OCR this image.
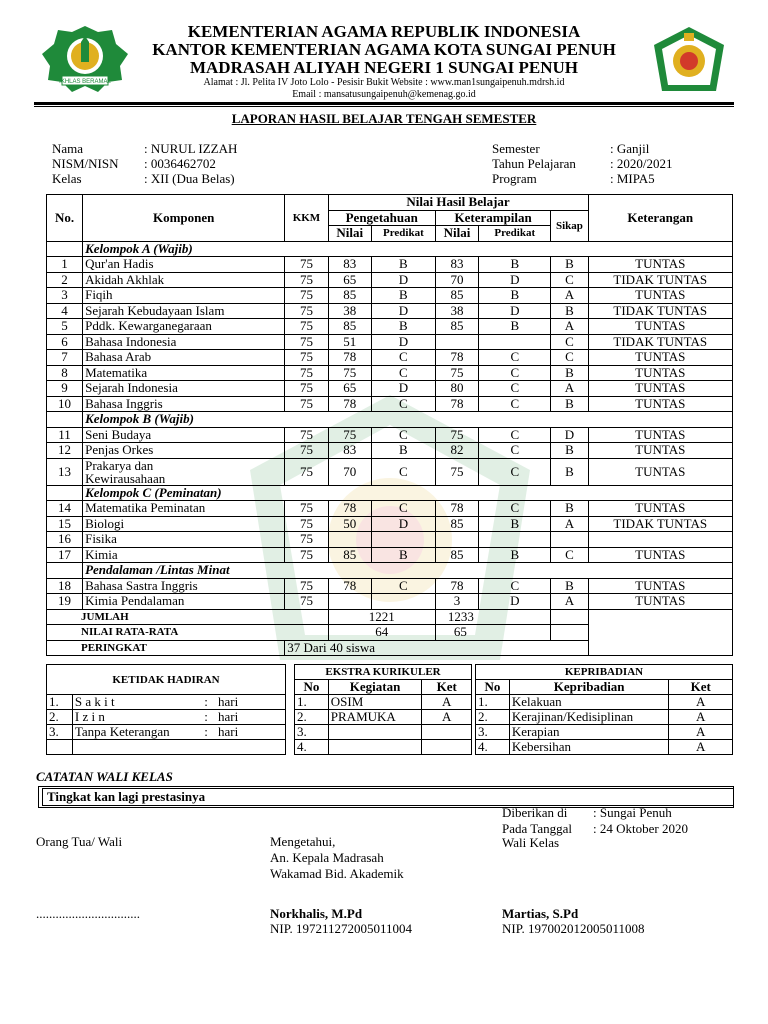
IKHLAS BERAMAL
KEMENTERIAN AGAMA REPUBLIK INDONESIA
KANTOR KEMENTERIAN AGAMA KOTA SUNGAI PENUH
MADRASAH ALIYAH NEGERI 1 SUNGAI PENUH
Alamat : Jl. Pelita IV Joto Lolo - Pesisir Bukit Website : www.man1sungaipenuh.mdrsh.id
Email : mansatusungaipenuh@kemenag.go.id
LAPORAN HASIL BELAJAR TENGAH SEMESTER
Nama	: NURUL IZZAH
NISM/NISN : 0036462702
Kelas	: XII (Dua Belas)
Semester	: Ganjil
Tahun Pelajaran	: 2020/2021
Program	: MIPA5
No.	Komponen	KKM	Nilai Hasil Belajar					Keterangan
			Pengetahuan		Keterampilan		Sikap	
			Nilai	Predikat	Nilai	Predikat		
	Kelompok A (Wajib)							
1	Qur'an Hadis	75	83	B	83	B	B	TUNTAS
2	Akidah Akhlak	75	65	D	70	D	C	TIDAK TUNTAS
3	Fiqih	75	85	B	85	B	A	TUNTAS
4	Sejarah Kebudayaan Islam	75	38	D	38	D	B	TIDAK TUNTAS
5	Pddk. Kewarganegaraan	75	85	B	85	B	A	TUNTAS
6	Bahasa Indonesia	75	51	D			C	TIDAK TUNTAS
7	Bahasa Arab	75	78	C	78	C	C	TUNTAS
8	Matematika	75	75	C	75	C	B	TUNTAS
9	Sejarah Indonesia	75	65	D	80	C	A	TUNTAS
10	Bahasa Inggris	75	78	C	78	C	B	TUNTAS
	Kelompok B (Wajib)							
11	Seni Budaya	75	75	C	75	C	D	TUNTAS
12	Penjas Orkes	75	83	B	82	C	B	TUNTAS
13	Prakarya dan
Kewirausahaan	75	70	C	75	C	B	TUNTAS
	Kelompok C (Peminatan)							
14	Matematika Peminatan	75	78	C	78	C	B	TUNTAS
15	Biologi	75	50	D	85	B	A	TIDAK TUNTAS
16	Fisika	75						
17	Kimia	75	85	B	85	B	C	TUNTAS
	Pendalaman /Lintas Minat							
18	Bahasa Sastra Inggris	75	78	C	78	C	B	TUNTAS
19	Kimia Pendalaman	75			3	D	A	TUNTAS
JUMLAH			1221		1233			
NILAI RATA-RATA			64		65			
PERINGKAT		37 Dari 40 siswa						
KETIDAK HADIRAN			
1.	S a k i t	:	hari
2.	I z i n	:	hari
3.	Tanpa Keterangan	:	hari

EKSTRA KURIKULER		
No	Kegiatan	Ket
1.	OSIM	A
2.	PRAMUKA	A
3.		
4.		
KEPRIBADIAN		
No	Kepribadian	Ket
1.	Kelakuan	A
2.	Kerajinan/Kedisiplinan	A
3.	Kerapian	A
4.	Kebersihan	A
CATATAN WALI KELAS
Tingkat kan lagi prestasinya
Diberikan di : Sungai Penuh
Pada Tanggal : 24 Oktober 2020
Wali Kelas
Orang Tua/ Wali	Mengetahui,
An. Kepala Madrasah
Wakamad Bid. Akademik
................................	Norkhalis, M.Pd
NIP. 197211272005011004
Martias, S.Pd
NIP. 197002012005011008
